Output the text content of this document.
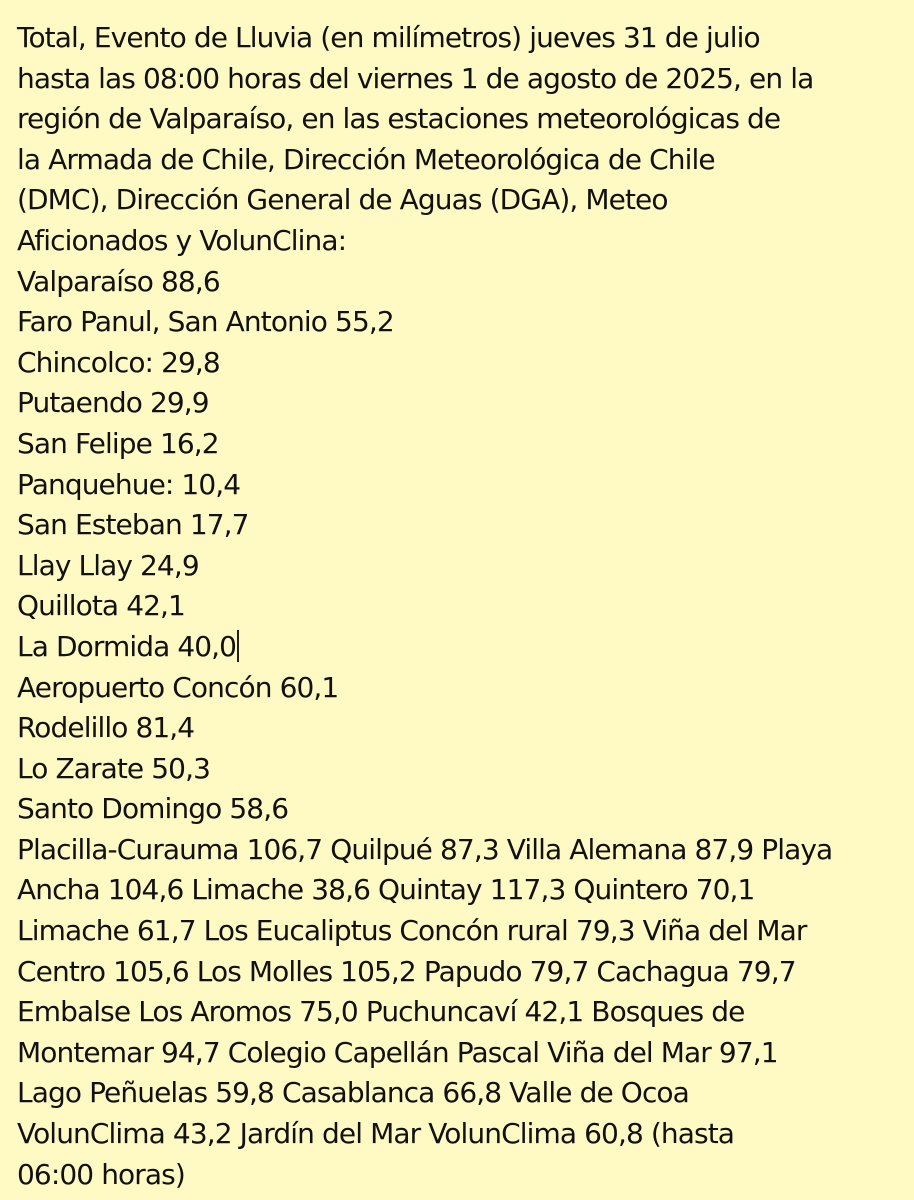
Total, Evento de Lluvia (en milímetros) jueves 31 de julio
hasta las 08:00 horas del viernes 1 de agosto de 2025, en la
región de Valparaíso, en las estaciones meteorológicas de
la Armada de Chile, Dirección Meteorológica de Chile
(DMC), Dirección General de Aguas (DGA), Meteo
Aficionados y VolunClina:
Valparaíso 88,6
Faro Panul, San Antonio 55,2
Chincolco: 29,8
Putaendo 29,9
San Felipe 16,2
Panquehue: 10,4
San Esteban 17,7
Llay Llay 24,9
Quillota 42,1
La Dormida 40,0
Aeropuerto Concón 60,1
Rodelillo 81,4
Lo Zarate 50,3
Santo Domingo 58,6
Placilla-Curauma 106,7 Quilpué 87,3 Villa Alemana 87,9 Playa
Ancha 104,6 Limache 38,6 Quintay 117,3 Quintero 70,1
Limache 61,7 Los Eucaliptus Concón rural 79,3 Viña del Mar
Centro 105,6 Los Molles 105,2 Papudo 79,7 Cachagua 79,7
Embalse Los Aromos 75,0 Puchuncaví 42,1 Bosques de
Montemar 94,7 Colegio Capellán Pascal Viña del Mar 97,1
Lago Peñuelas 59,8 Casablanca 66,8 Valle de Ocoa
VolunClima 43,2 Jardín del Mar VolunClima 60,8 (hasta
06:00 horas)
